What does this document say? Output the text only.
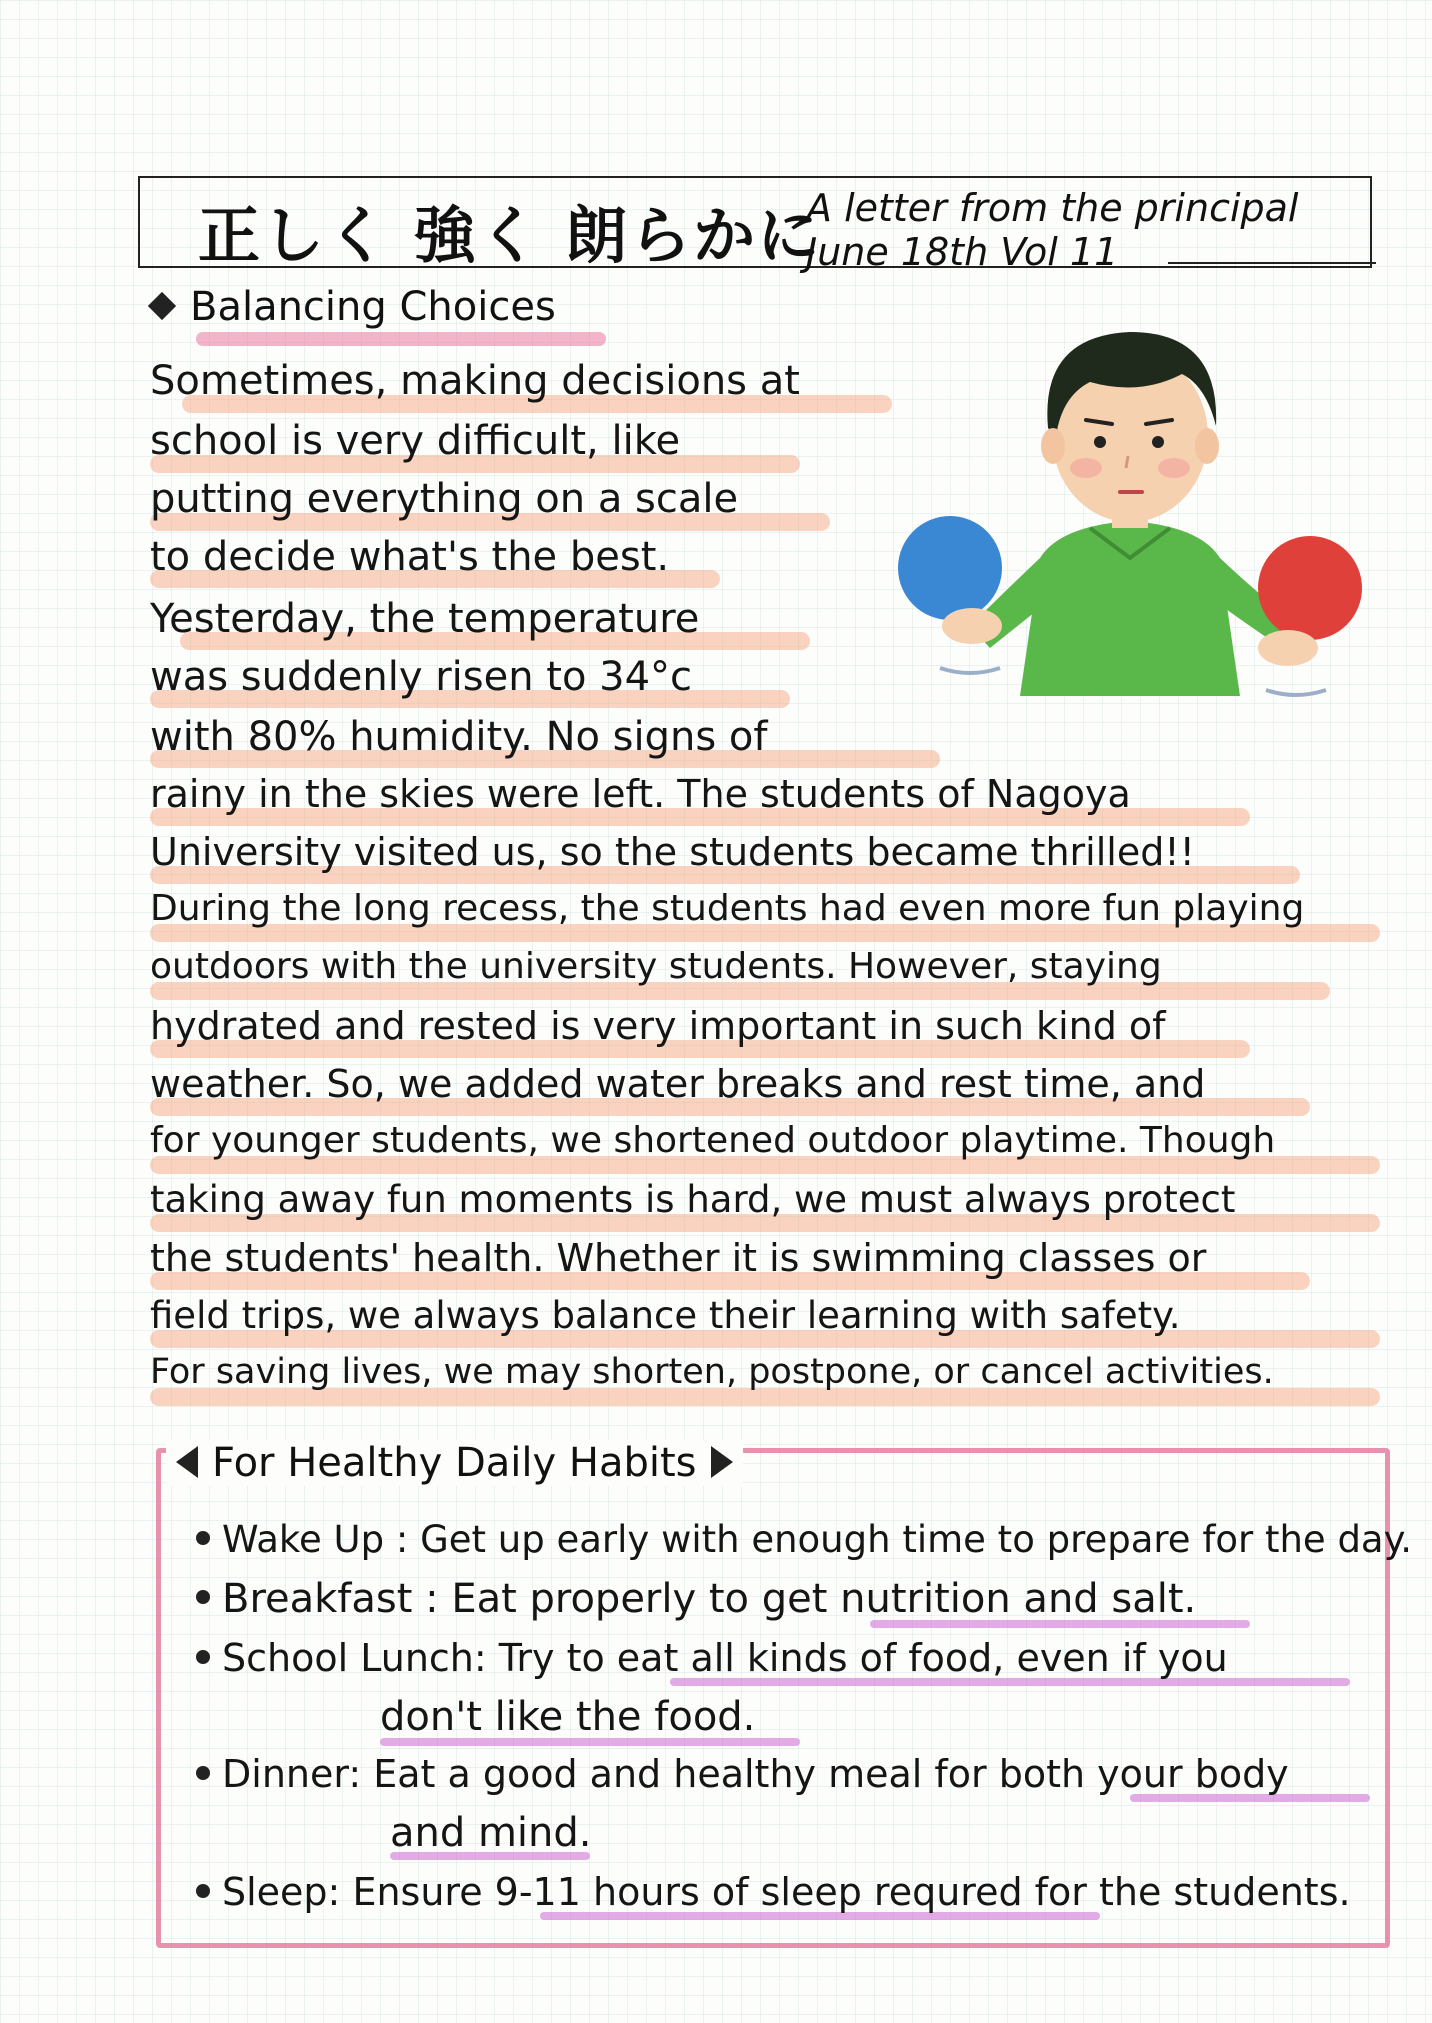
正しく 強く 朗らかに
A letter from the principal
June 18th Vol 11
Balancing Choices
Sometimes, making decisions at
school is very difficult, like
putting everything on a scale
to decide what's the best.
Yesterday, the temperature
was suddenly risen to 34°c
with 80% humidity. No signs of
rainy in the skies were left. The students of Nagoya
University visited us, so the students became thrilled!!
During the long recess, the students had even more fun playing
outdoors with the university students. However, staying
hydrated and rested is very important in such kind of
weather. So, we added water breaks and rest time, and
for younger students, we shortened outdoor playtime. Though
taking away fun moments is hard, we must always protect
the students' health. Whether it is swimming classes or
field trips, we always balance their learning with safety.
For saving lives, we may shorten, postpone, or cancel activities.
For Healthy Daily Habits
Wake Up : Get up early with enough time to prepare for the day.
Breakfast : Eat properly to get nutrition and salt.
School Lunch: Try to eat all kinds of food, even if you
don't like the food.
Dinner: Eat a good and healthy meal for both your body
and mind.
Sleep: Ensure 9-11 hours of sleep requred for the students.
